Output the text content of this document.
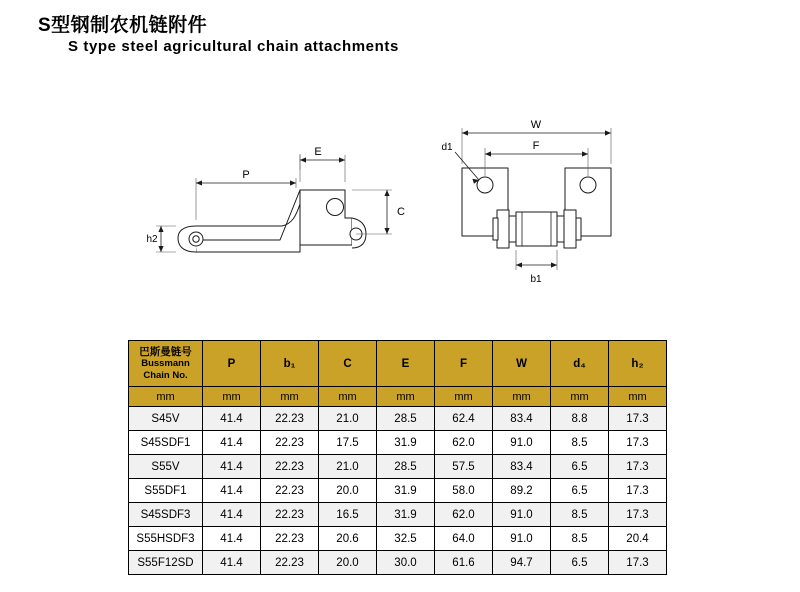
S型钢制农机链附件
S type steel agricultural chain attachments
E
P
C
h2
W
F
d1
b1
巴斯曼链号
Bussmann Chain No.	P	b₁	C	E	F	W	d₄	h₂
mm	mm	mm	mm	mm	mm	mm	mm	mm
S45V	41.4	22.23	21.0	28.5	62.4	83.4	8.8	17.3
S45SDF1	41.4	22.23	17.5	31.9	62.0	91.0	8.5	17.3
S55V	41.4	22.23	21.0	28.5	57.5	83.4	6.5	17.3
S55DF1	41.4	22.23	20.0	31.9	58.0	89.2	6.5	17.3
S45SDF3	41.4	22.23	16.5	31.9	62.0	91.0	8.5	17.3
S55HSDF3	41.4	22.23	20.6	32.5	64.0	91.0	8.5	20.4
S55F12SD	41.4	22.23	20.0	30.0	61.6	94.7	6.5	17.3
